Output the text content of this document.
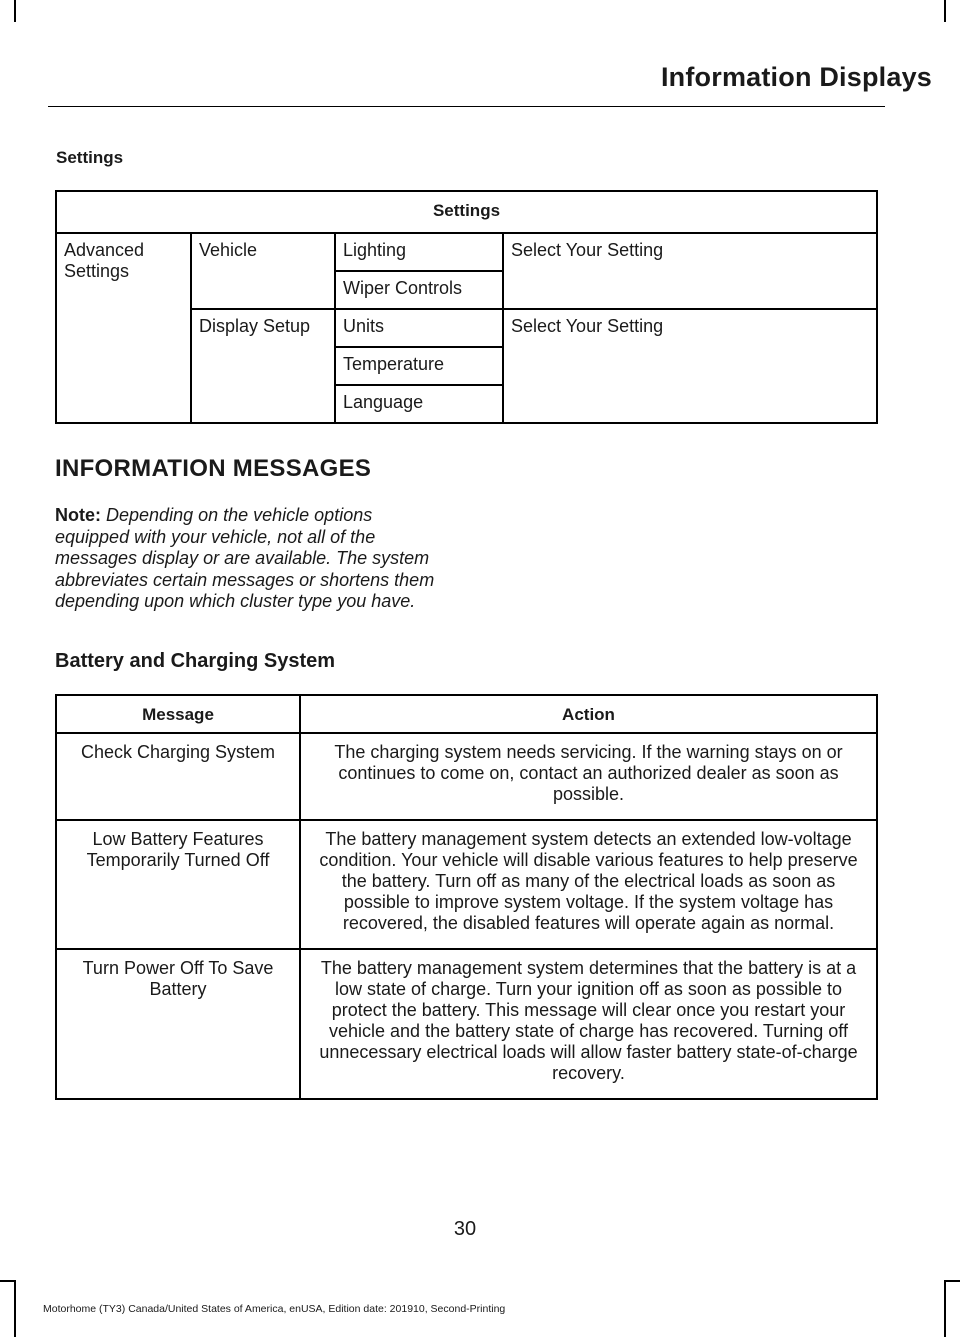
Information Displays
Settings
Settings			
Advanced Settings	Vehicle	Lighting	Select Your Setting
		Wiper Controls	
	Display Setup	Units	Select Your Setting
		Temperature	
		Language	
INFORMATION MESSAGES
Note: Depending on the vehicle options equipped with your vehicle, not all of the messages display or are available. The system abbreviates certain messages or shortens them depending upon which cluster type you have.
Battery and Charging System
Message	Action
Check Charging System	The charging system needs servicing. If the warning stays on or continues to come on, contact an authorized dealer as soon as possible.
Low Battery Features Temporarily Turned Off	The battery management system detects an extended low-voltage condition. Your vehicle will disable various features to help preserve the battery. Turn off as many of the electrical loads as soon as possible to improve system voltage. If the system voltage has recovered, the disabled features will operate again as normal.
Turn Power Off To Save Battery	The battery management system determines that the battery is at a low state of charge. Turn your ignition off as soon as possible to protect the battery. This message will clear once you restart your vehicle and the battery state of charge has recovered. Turning off unnecessary electrical loads will allow faster battery state-of-charge recovery.
30
Motorhome (TY3) Canada/United States of America, enUSA, Edition date: 201910, Second-Printing
